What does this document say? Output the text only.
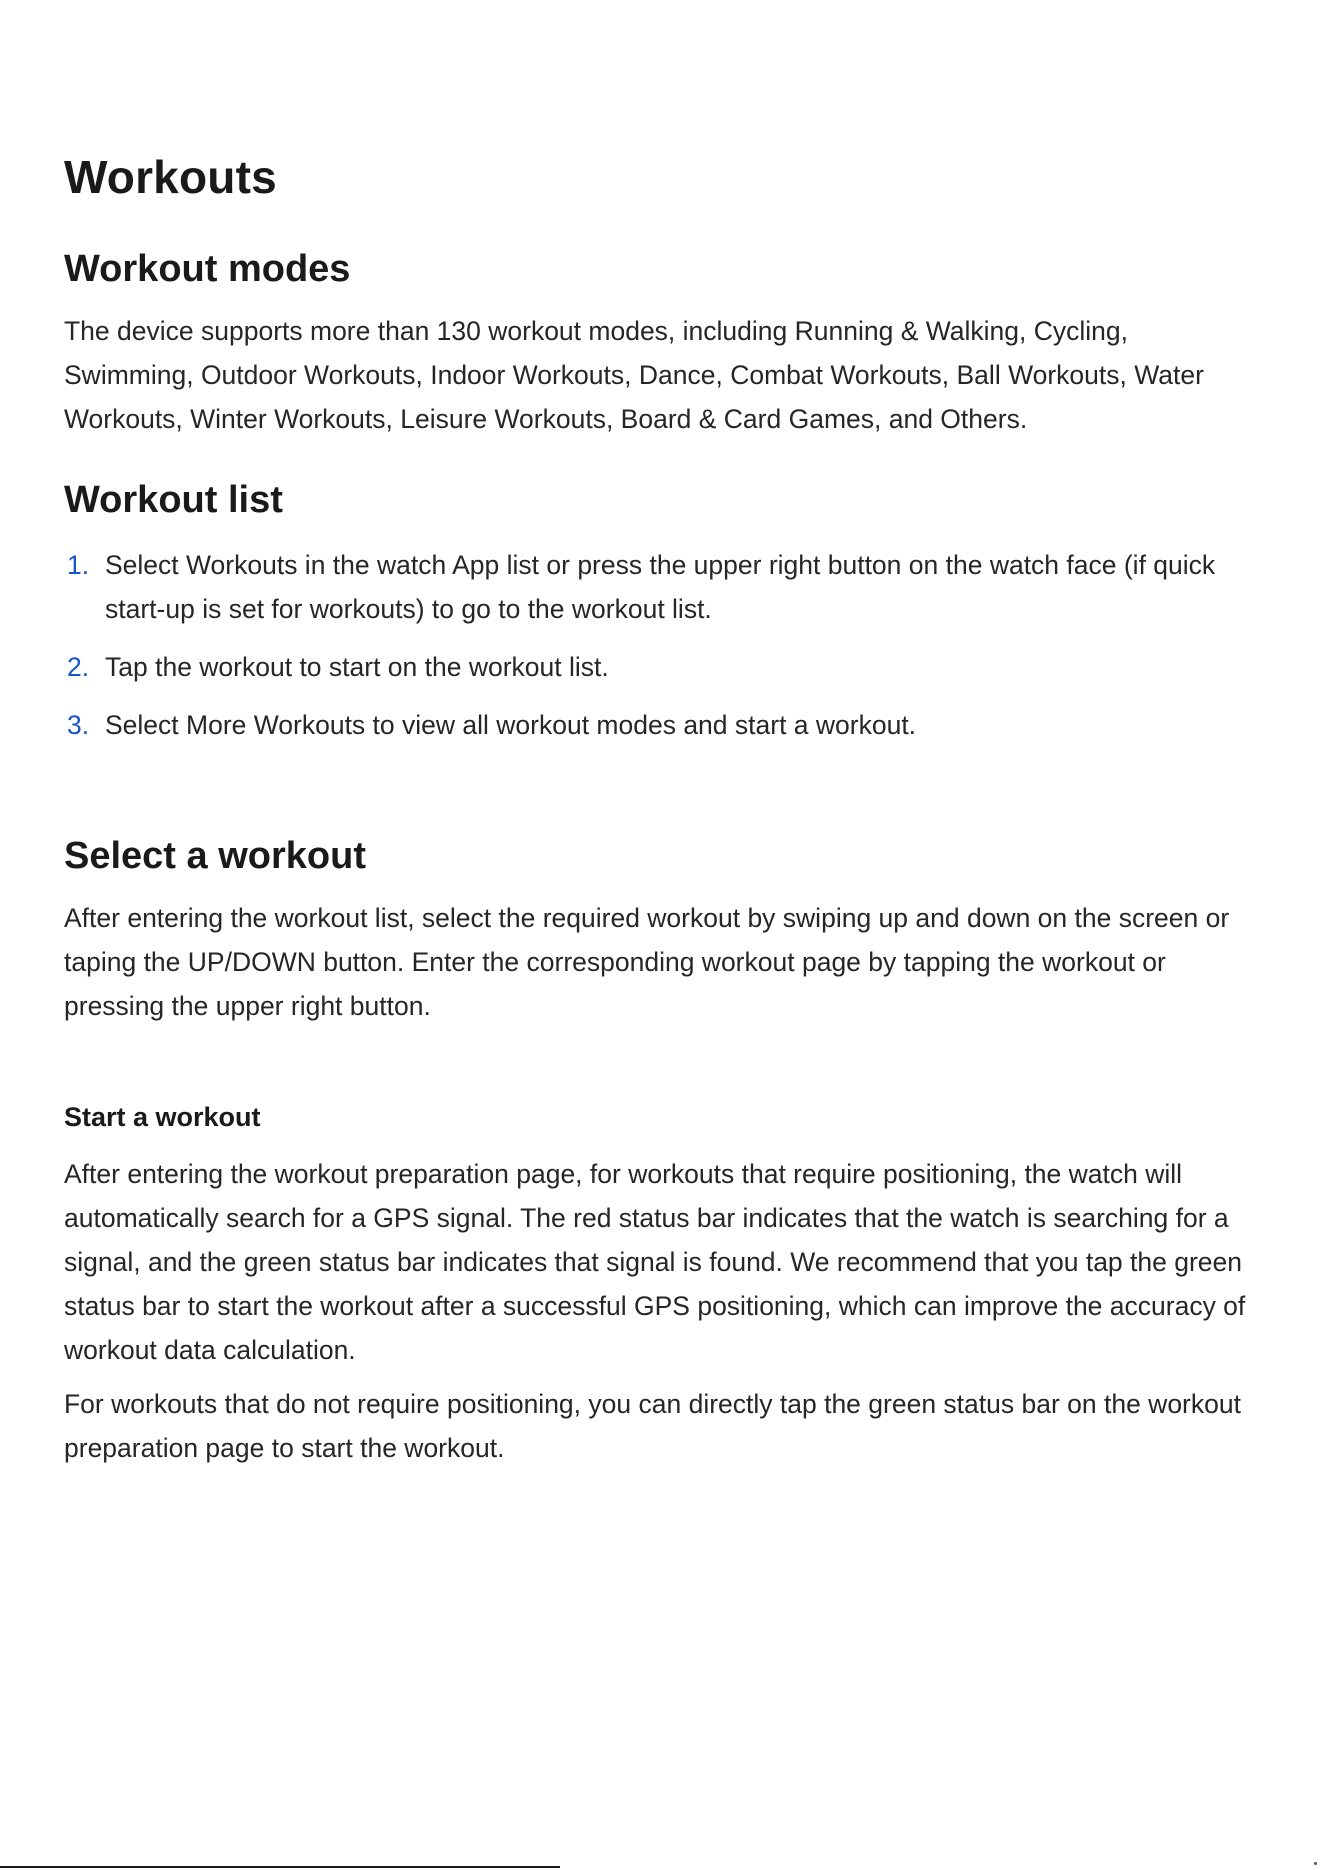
Workouts
Workout modes

The device supports more than 130 workout modes, including Running & Walking, Cycling, Swimming, Outdoor Workouts, Indoor Workouts, Dance, Combat Workouts, Ball Workouts, Water Workouts, Winter Workouts, Leisure Workouts, Board & Card Games, and Others.

Workout list
1. Select Workouts in the watch App list or press the upper right button on the watch face (if quick start-up is set for workouts) to go to the workout list.
2. Tap the workout to start on the workout list.
3. Select More Workouts to view all workout modes and start a workout.
Select a workout

After entering the workout list, select the required workout by swiping up and down on the screen or taping the UP/DOWN button. Enter the corresponding workout page by tapping the workout or pressing the upper right button.

Start a workout

After entering the workout preparation page, for workouts that require positioning, the watch will automatically search for a GPS signal. The red status bar indicates that the watch is searching for a signal, and the green status bar indicates that signal is found. We recommend that you tap the green status bar to start the workout after a successful GPS positioning, which can improve the accuracy of workout data calculation.

For workouts that do not require positioning, you can directly tap the green status bar on the workout preparation page to start the workout.
